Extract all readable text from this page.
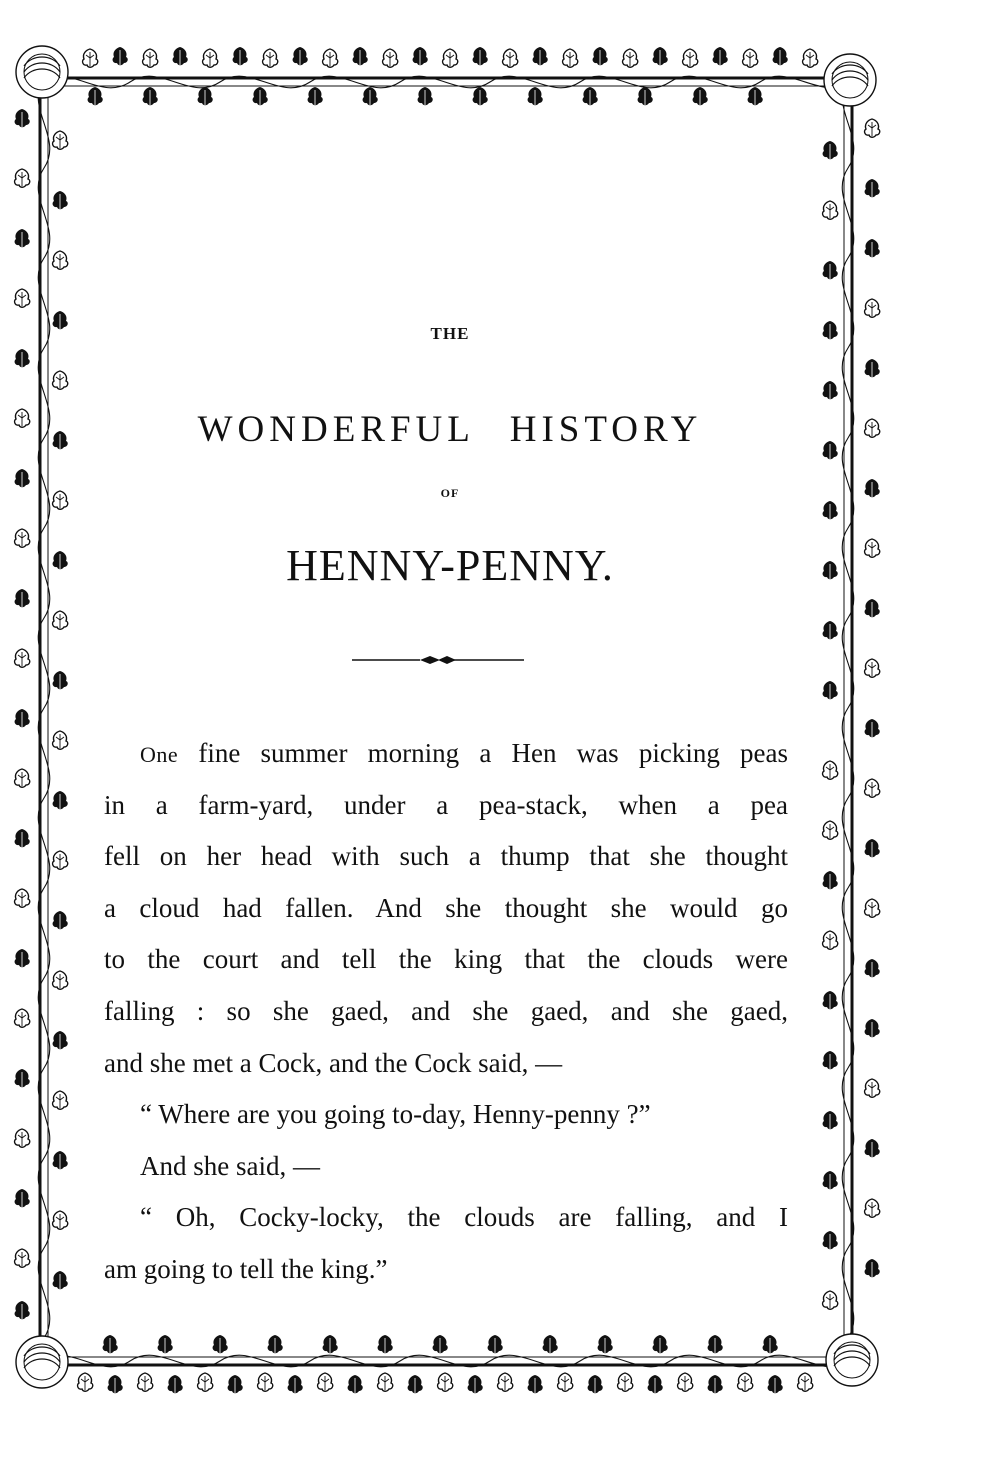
THE
WONDERFUL HISTORY
OF
HENNY-PENNY.
One fine summer morning a Hen was picking peas
in a farm-yard, under a pea-stack, when a pea
fell on her head with such a thump that she thought
a cloud had fallen. And she thought she would go
to the court and tell the king that the clouds were
falling : so she gaed, and she gaed, and she gaed,
and she met a Cock, and the Cock said, —
“ Where are you going to-day, Henny-penny ?”
And she said, —
“ Oh, Cocky-locky, the clouds are falling, and I
am going to tell the king.”
